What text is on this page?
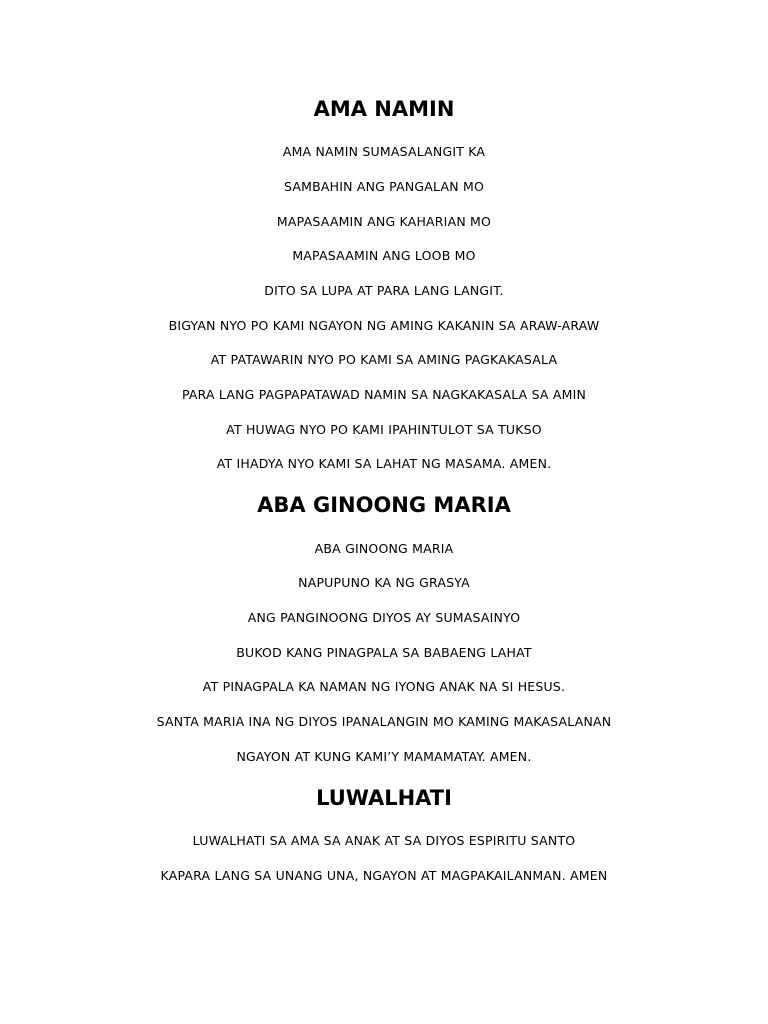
AMA NAMIN

AMA NAMIN SUMASALANGIT KA

SAMBAHIN ANG PANGALAN MO

MAPASAAMIN ANG KAHARIAN MO

MAPASAAMIN ANG LOOB MO

DITO SA LUPA AT PARA LANG LANGIT.

BIGYAN NYO PO KAMI NGAYON NG AMING KAKANIN SA ARAW-ARAW

AT PATAWARIN NYO PO KAMI SA AMING PAGKAKASALA

PARA LANG PAGPAPATAWAD NAMIN SA NAGKAKASALA SA AMIN

AT HUWAG NYO PO KAMI IPAHINTULOT SA TUKSO

AT IHADYA NYO KAMI SA LAHAT NG MASAMA. AMEN.

ABA GINOONG MARIA

ABA GINOONG MARIA

NAPUPUNO KA NG GRASYA

ANG PANGINOONG DIYOS AY SUMASAINYO

BUKOD KANG PINAGPALA SA BABAENG LAHAT

AT PINAGPALA KA NAMAN NG IYONG ANAK NA SI HESUS.

SANTA MARIA INA NG DIYOS IPANALANGIN MO KAMING MAKASALANAN

NGAYON AT KUNG KAMI’Y MAMAMATAY. AMEN.

LUWALHATI

LUWALHATI SA AMA SA ANAK AT SA DIYOS ESPIRITU SANTO

KAPARA LANG SA UNANG UNA, NGAYON AT MAGPAKAILANMAN. AMEN
